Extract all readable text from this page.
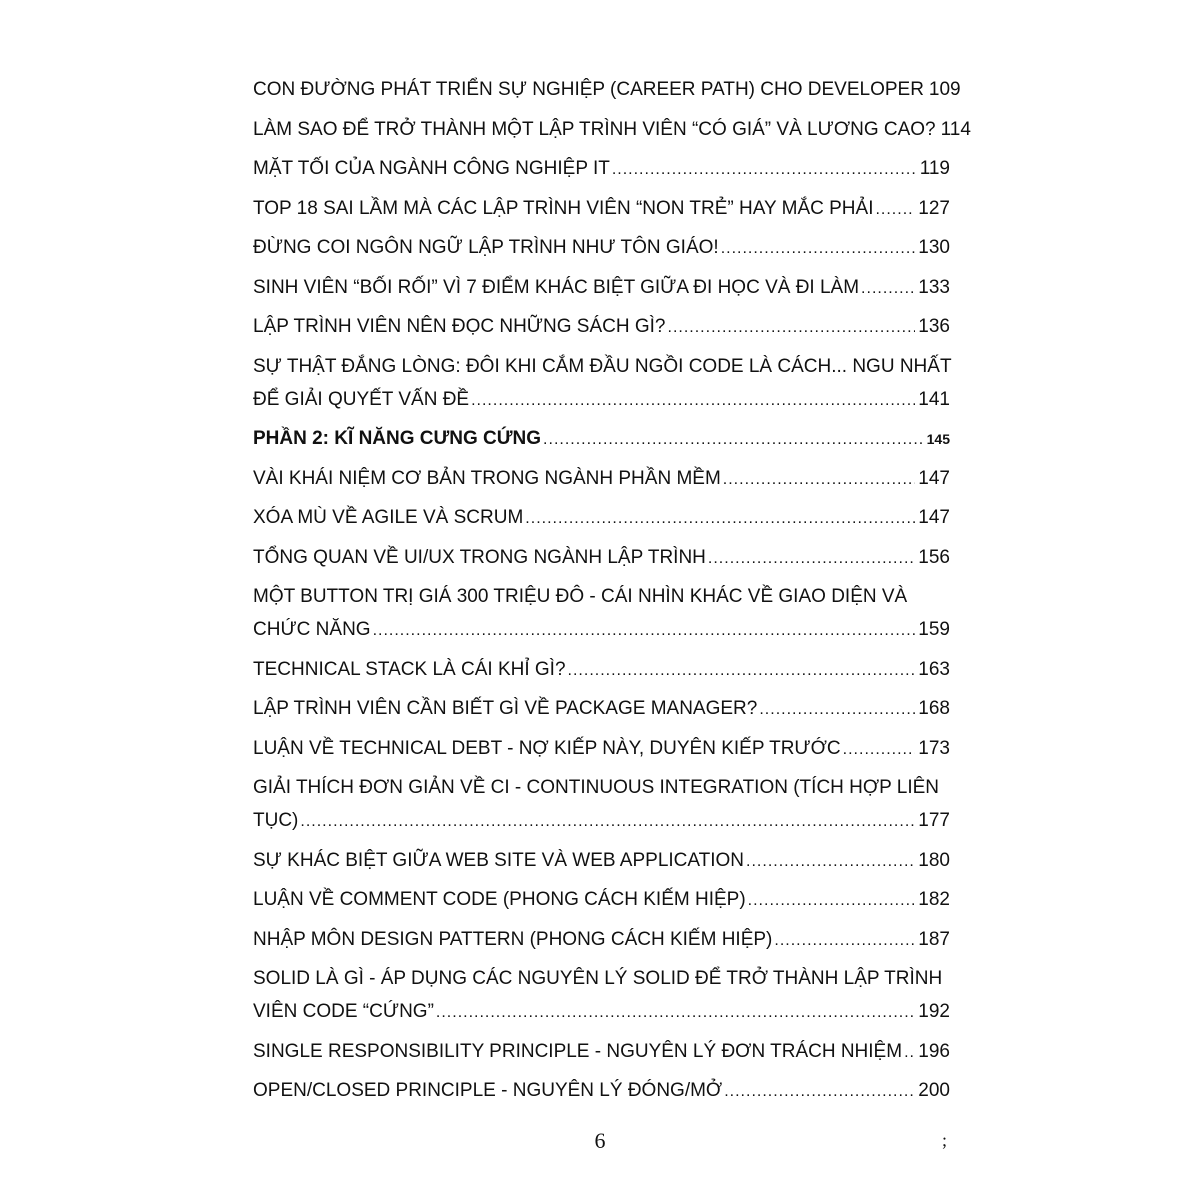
CON ĐƯỜNG PHÁT TRIỂN SỰ NGHIỆP (CAREER PATH) CHO DEVELOPER 109
LÀM SAO ĐỂ TRỞ THÀNH MỘT LẬP TRÌNH VIÊN “CÓ GIÁ” VÀ LƯƠNG CAO? 114
MẶT TỐI CỦA NGÀNH CÔNG NGHIỆP IT .....	119
TOP 18 SAI LẦM MÀ CÁC LẬP TRÌNH VIÊN “NON TRẺ” HAY MẮC PHẢI ..... 127
ĐỪNG COI NGÔN NGỮ LẬP TRÌNH NHƯ TÔN GIÁO! .....	130
SINH VIÊN “BỐI RỐI” VÌ 7 ĐIỂM KHÁC BIỆT GIỮA ĐI HỌC VÀ ĐI LÀM .....	133
LẬP TRÌNH VIÊN NÊN ĐỌC NHỮNG SÁCH GÌ? .....	136
SỰ THẬT ĐẮNG LÒNG: ĐÔI KHI CẮM ĐẦU NGỒI CODE LÀ CÁCH... NGU NHẤT
ĐỂ GIẢI QUYẾT VẤN ĐỀ .....	141
PHẦN 2: KĨ NĂNG CƯNG CỨNG .....	145
VÀI KHÁI NIỆM CƠ BẢN TRONG NGÀNH PHẦN MỀM .....	147
XÓA MÙ VỀ AGILE VÀ SCRUM .....	147
TỔNG QUAN VỀ UI/UX TRONG NGÀNH LẬP TRÌNH .....	156
MỘT BUTTON TRỊ GIÁ 300 TRIỆU ĐÔ - CÁI NHÌN KHÁC VỀ GIAO DIỆN VÀ
CHỨC NĂNG .....	159
TECHNICAL STACK LÀ CÁI KHỈ GÌ? .....	163
LẬP TRÌNH VIÊN CẦN BIẾT GÌ VỀ PACKAGE MANAGER? .....	168
LUẬN VỀ TECHNICAL DEBT - NỢ KIẾP NÀY, DUYÊN KIẾP TRƯỚC .....	173
GIẢI THÍCH ĐƠN GIẢN VỀ CI - CONTINUOUS INTEGRATION (TÍCH HỢP LIÊN
TỤC) .....	177
SỰ KHÁC BIỆT GIỮA WEB SITE VÀ WEB APPLICATION .....	180
LUẬN VỀ COMMENT CODE (PHONG CÁCH KIẾM HIỆP) .....	182
NHẬP MÔN DESIGN PATTERN (PHONG CÁCH KIẾM HIỆP) .....	187
SOLID LÀ GÌ - ÁP DỤNG CÁC NGUYÊN LÝ SOLID ĐỂ TRỞ THÀNH LẬP TRÌNH
VIÊN CODE “CỨNG” .....	192
SINGLE RESPONSIBILITY PRINCIPLE - NGUYÊN LÝ ĐƠN TRÁCH NHIỆM ..... 196
OPEN/CLOSED PRINCIPLE - NGUYÊN LÝ ĐÓNG/MỞ .....	200
6	;
